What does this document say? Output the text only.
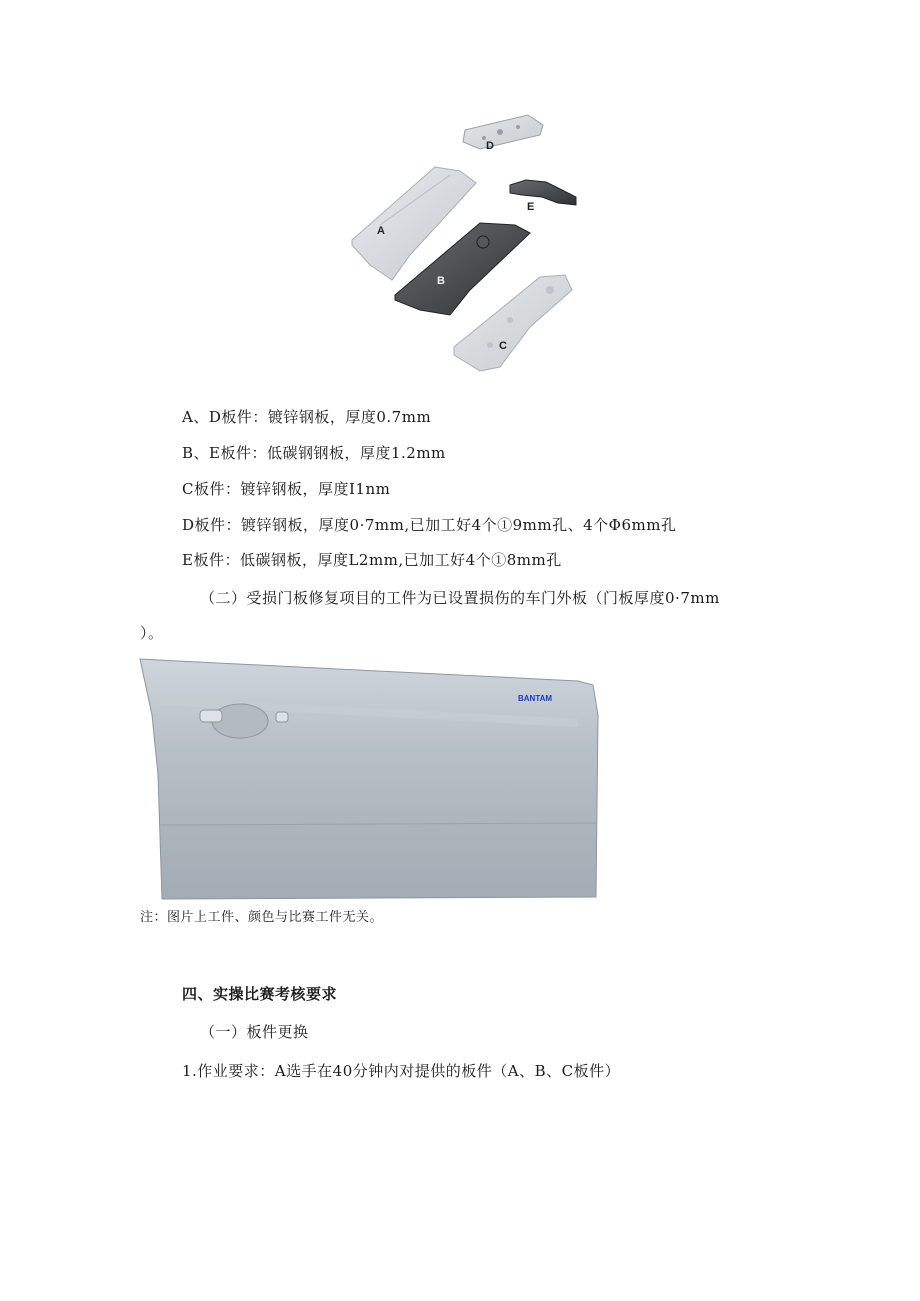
D
E
A
B
C
A、D板件：镀锌钢板，厚度0.7mm
B、E板件：低碳钢钢板，厚度1.2mm
C板件：镀锌钢板，厚度I1nm
D板件：镀锌钢板，厚度0·7mm,已加工好4个①9mm孔、4个Φ6mm孔
E板件：低碳钢板，厚度L2mm,已加工好4个①8mm孔
（二）受损门板修复项目的工件为已设置损伤的车门外板（门板厚度0·7mm
）。
BANTAM
注：图片上工件、颜色与比赛工件无关。
四、实操比赛考核要求
（一）板件更换
1.作业要求：A选手在40分钟内对提供的板件（A、B、C板件）
